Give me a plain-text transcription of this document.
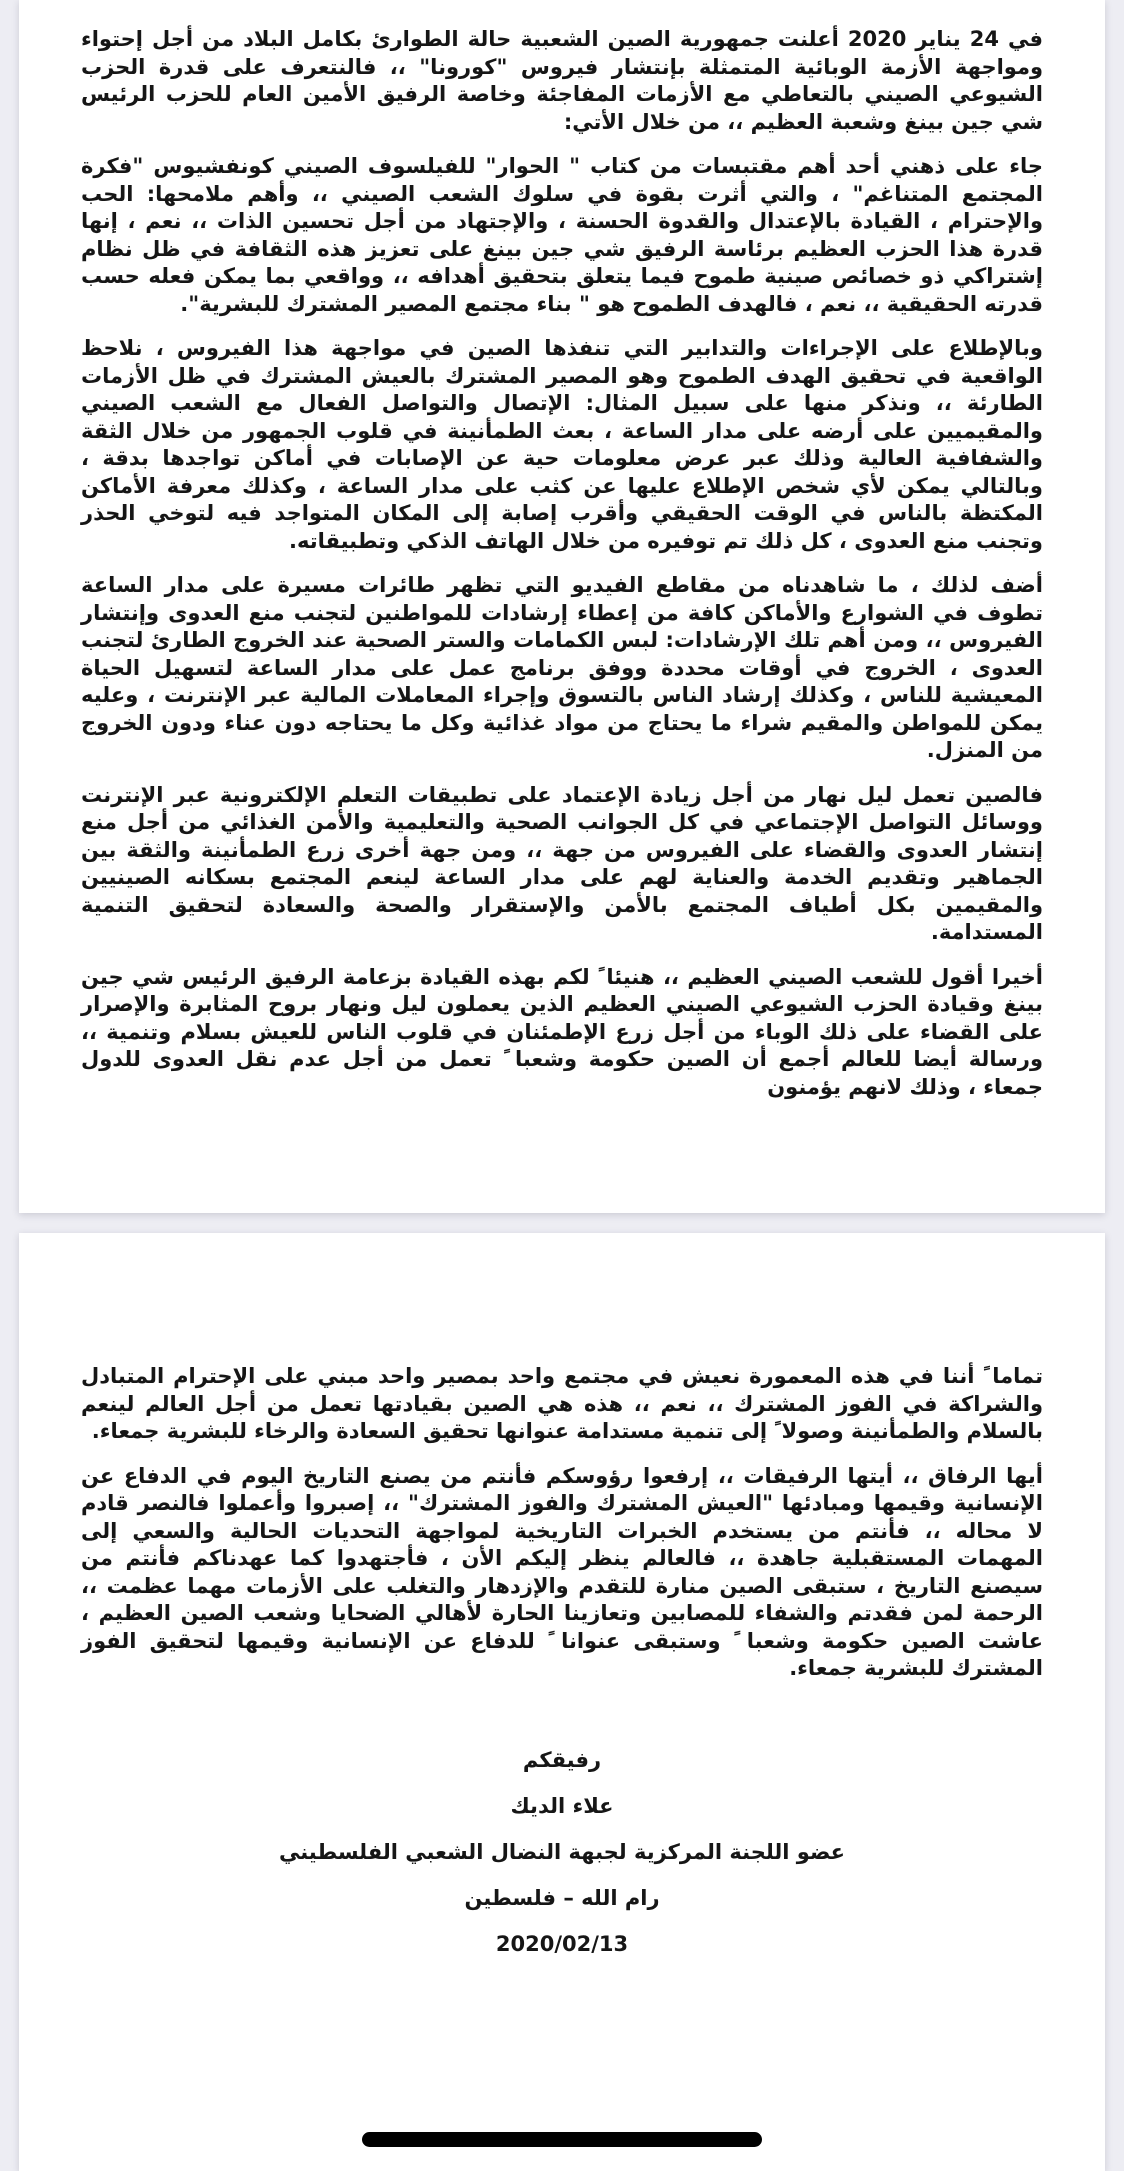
في 24 يناير 2020 أعلنت جمهورية الصين الشعبية حالة الطوارئ بكامل البلاد من أجل إحتواء ومواجهة الأزمة الوبائية المتمثلة بإنتشار فيروس "كورونا" ،، فالنتعرف على قدرة الحزب الشيوعي الصيني بالتعاطي مع الأزمات المفاجئة وخاصة الرفيق الأمين العام للحزب الرئيس شي جين بينغ وشعبة العظيم ،، من خلال الأتي:

جاء على ذهني أحد أهم مقتبسات من كتاب " الحوار" للفيلسوف الصيني كونفشيوس "فكرة المجتمع المتناغم" ، والتي أثرت بقوة في سلوك الشعب الصيني ،، وأهم ملامحها: الحب والإحترام ، القيادة بالإعتدال والقدوة الحسنة ، والإجتهاد من أجل تحسين الذات ،، نعم ، إنها قدرة هذا الحزب العظيم برئاسة الرفيق شي جين بينغ على تعزيز هذه الثقافة في ظل نظام إشتراكي ذو خصائص صينية طموح فيما يتعلق بتحقيق أهدافه ،، وواقعي بما يمكن فعله حسب قدرته الحقيقية ،، نعم ، فالهدف الطموح هو " بناء مجتمع المصير المشترك للبشرية".

وبالإطلاع على الإجراءات والتدابير التي تنفذها الصين في مواجهة هذا الفيروس ، نلاحظ الواقعية في تحقيق الهدف الطموح وهو المصير المشترك بالعيش المشترك في ظل الأزمات الطارئة ،، ونذكر منها على سبيل المثال: الإتصال والتواصل الفعال مع الشعب الصيني والمقيميين على أرضه على مدار الساعة ، بعث الطمأنينة في قلوب الجمهور من خلال الثقة والشفافية العالية وذلك عبر عرض معلومات حية عن الإصابات في أماكن تواجدها بدقة ، وبالتالي يمكن لأي شخص الإطلاع عليها عن كثب على مدار الساعة ، وكذلك معرفة الأماكن المكتظة بالناس في الوقت الحقيقي وأقرب إصابة إلى المكان المتواجد فيه لتوخي الحذر وتجنب منع العدوى ، كل ذلك تم توفيره من خلال الهاتف الذكي وتطبيقاته.

أضف لذلك ، ما شاهدناه من مقاطع الفيديو التي تظهر طائرات مسيرة على مدار الساعة تطوف في الشوارع والأماكن كافة من إعطاء إرشادات للمواطنين لتجنب منع العدوى وإنتشار الفيروس ،، ومن أهم تلك الإرشادات: لبس الكمامات والستر الصحية عند الخروج الطارئ لتجنب العدوى ، الخروج في أوقات محددة ووفق برنامج عمل على مدار الساعة لتسهيل الحياة المعيشية للناس ، وكذلك إرشاد الناس بالتسوق وإجراء المعاملات المالية عبر الإنترنت ، وعليه يمكن للمواطن والمقيم شراء ما يحتاج من مواد غذائية وكل ما يحتاجه دون عناء ودون الخروج من المنزل.

فالصين تعمل ليل نهار من أجل زيادة الإعتماد على تطبيقات التعلم الإلكترونية عبر الإنترنت ووسائل التواصل الإجتماعي في كل الجوانب الصحية والتعليمية والأمن الغذائي من أجل منع إنتشار العدوى والقضاء على الفيروس من جهة ،، ومن جهة أخرى زرع الطمأنينة والثقة بين الجماهير وتقديم الخدمة والعناية لهم على مدار الساعة لينعم المجتمع بسكانه الصينيين والمقيمين بكل أطياف المجتمع بالأمن والإستقرار والصحة والسعادة لتحقيق التنمية المستدامة.

أخيرا أقول للشعب الصيني العظيم ،، هنيئا ً لكم بهذه القيادة بزعامة الرفيق الرئيس شي جين بينغ وقيادة الحزب الشيوعي الصيني العظيم الذين يعملون ليل ونهار بروح المثابرة والإصرار على القضاء على ذلك الوباء من أجل زرع الإطمئنان في قلوب الناس للعيش بسلام وتنمية ،، ورسالة أيضا للعالم أجمع أن الصين حكومة وشعبا ً تعمل من أجل عدم نقل العدوى للدول جمعاء ، وذلك لانهم يؤمنون

تماما ً أننا في هذه المعمورة نعيش في مجتمع واحد بمصير واحد مبني على الإحترام المتبادل والشراكة في الفوز المشترك ،، نعم ،، هذه هي الصين بقيادتها تعمل من أجل العالم لينعم بالسلام والطمأنينة وصولا ً إلى تنمية مستدامة عنوانها تحقيق السعادة والرخاء للبشرية جمعاء.

أيها الرفاق ،، أيتها الرفيقات ،، إرفعوا رؤوسكم فأنتم من يصنع التاريخ اليوم في الدفاع عن الإنسانية وقيمها ومبادئها "العيش المشترك والفوز المشترك" ،، إصبروا وأعملوا فالنصر قادم لا محاله ،، فأنتم من يستخدم الخبرات التاريخية لمواجهة التحديات الحالية والسعي إلى المهمات المستقبلية جاهدة ،، فالعالم ينظر إليكم الأن ، فأجتهدوا كما عهدناكم فأنتم من سيصنع التاريخ ، ستبقى الصين منارة للتقدم والإزدهار والتغلب على الأزمات مهما عظمت ،، الرحمة لمن فقدتم والشفاء للمصابين وتعازينا الحارة لأهالي الضحايا وشعب الصين العظيم ، عاشت الصين حكومة وشعبا ً وستبقى عنوانا ً للدفاع عن الإنسانية وقيمها لتحقيق الفوز المشترك للبشرية جمعاء.

رفيقكم
علاء الديك
عضو اللجنة المركزية لجبهة النضال الشعبي الفلسطيني
رام الله – فلسطين
2020/02/13
